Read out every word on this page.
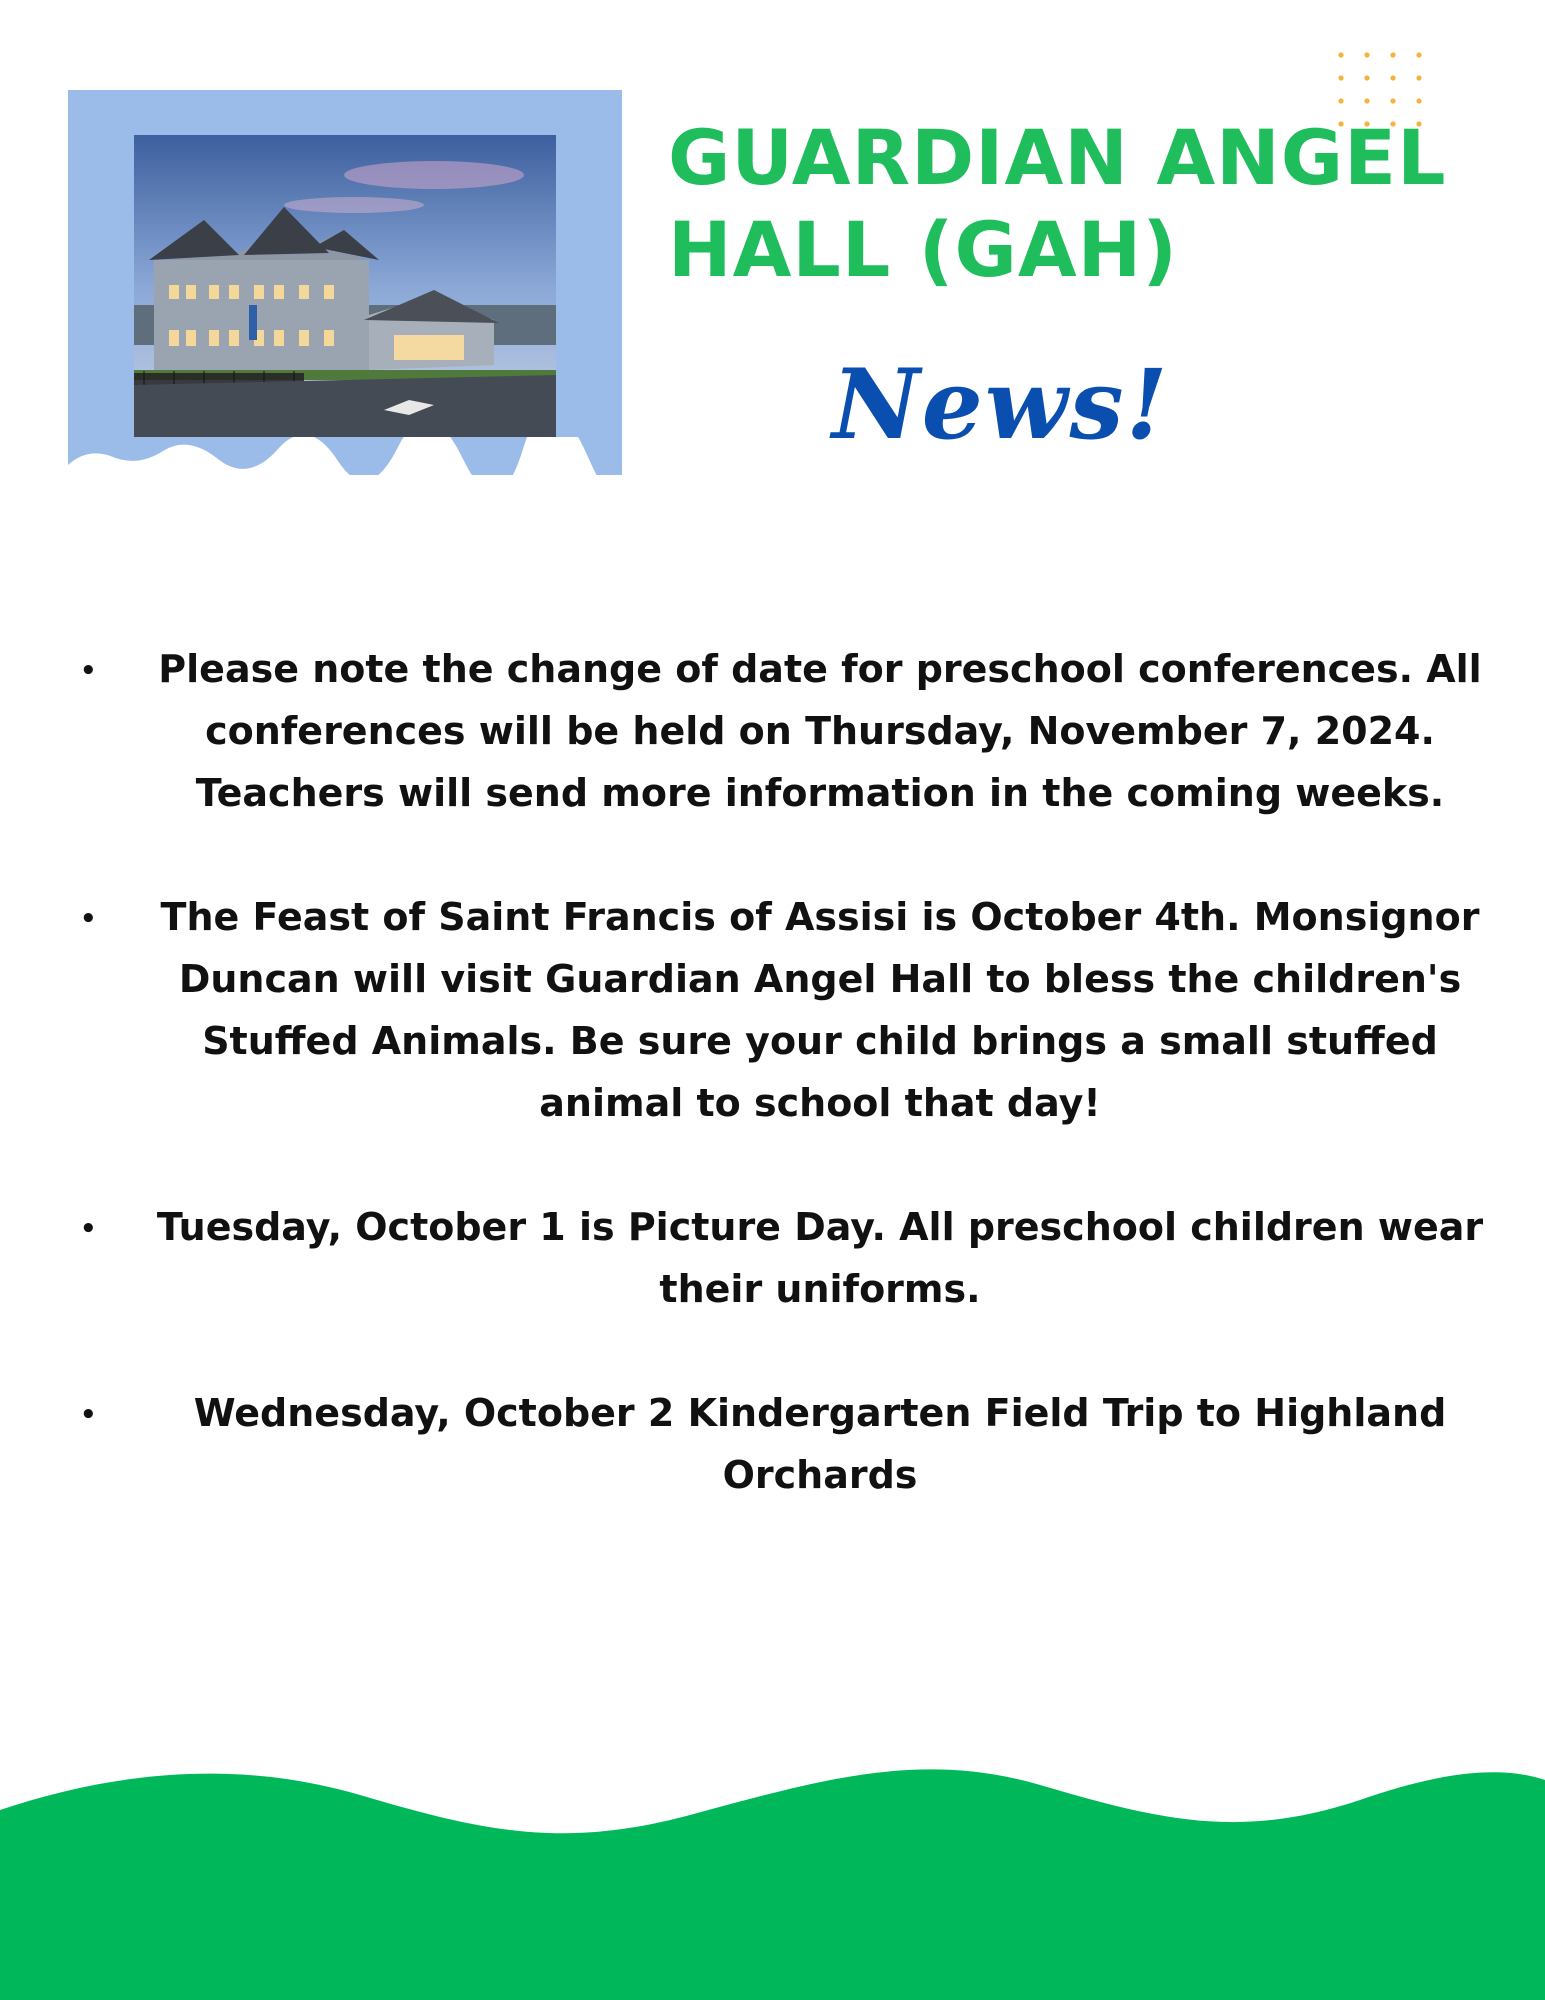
GUARDIAN ANGEL
HALL (GAH)
News!
• Please note the change of date for preschool conferences. All conferences will be held on Thursday, November 7, 2024. Teachers will send more information in the coming weeks.
• The Feast of Saint Francis of Assisi is October 4th. Monsignor Duncan will visit Guardian Angel Hall to bless the children's Stuffed Animals. Be sure your child brings a small stuffed animal to school that day!
• Tuesday, October 1 is Picture Day. All preschool children wear their uniforms.
•	Wednesday, October 2 Kindergarten Field Trip to Highland Orchards
